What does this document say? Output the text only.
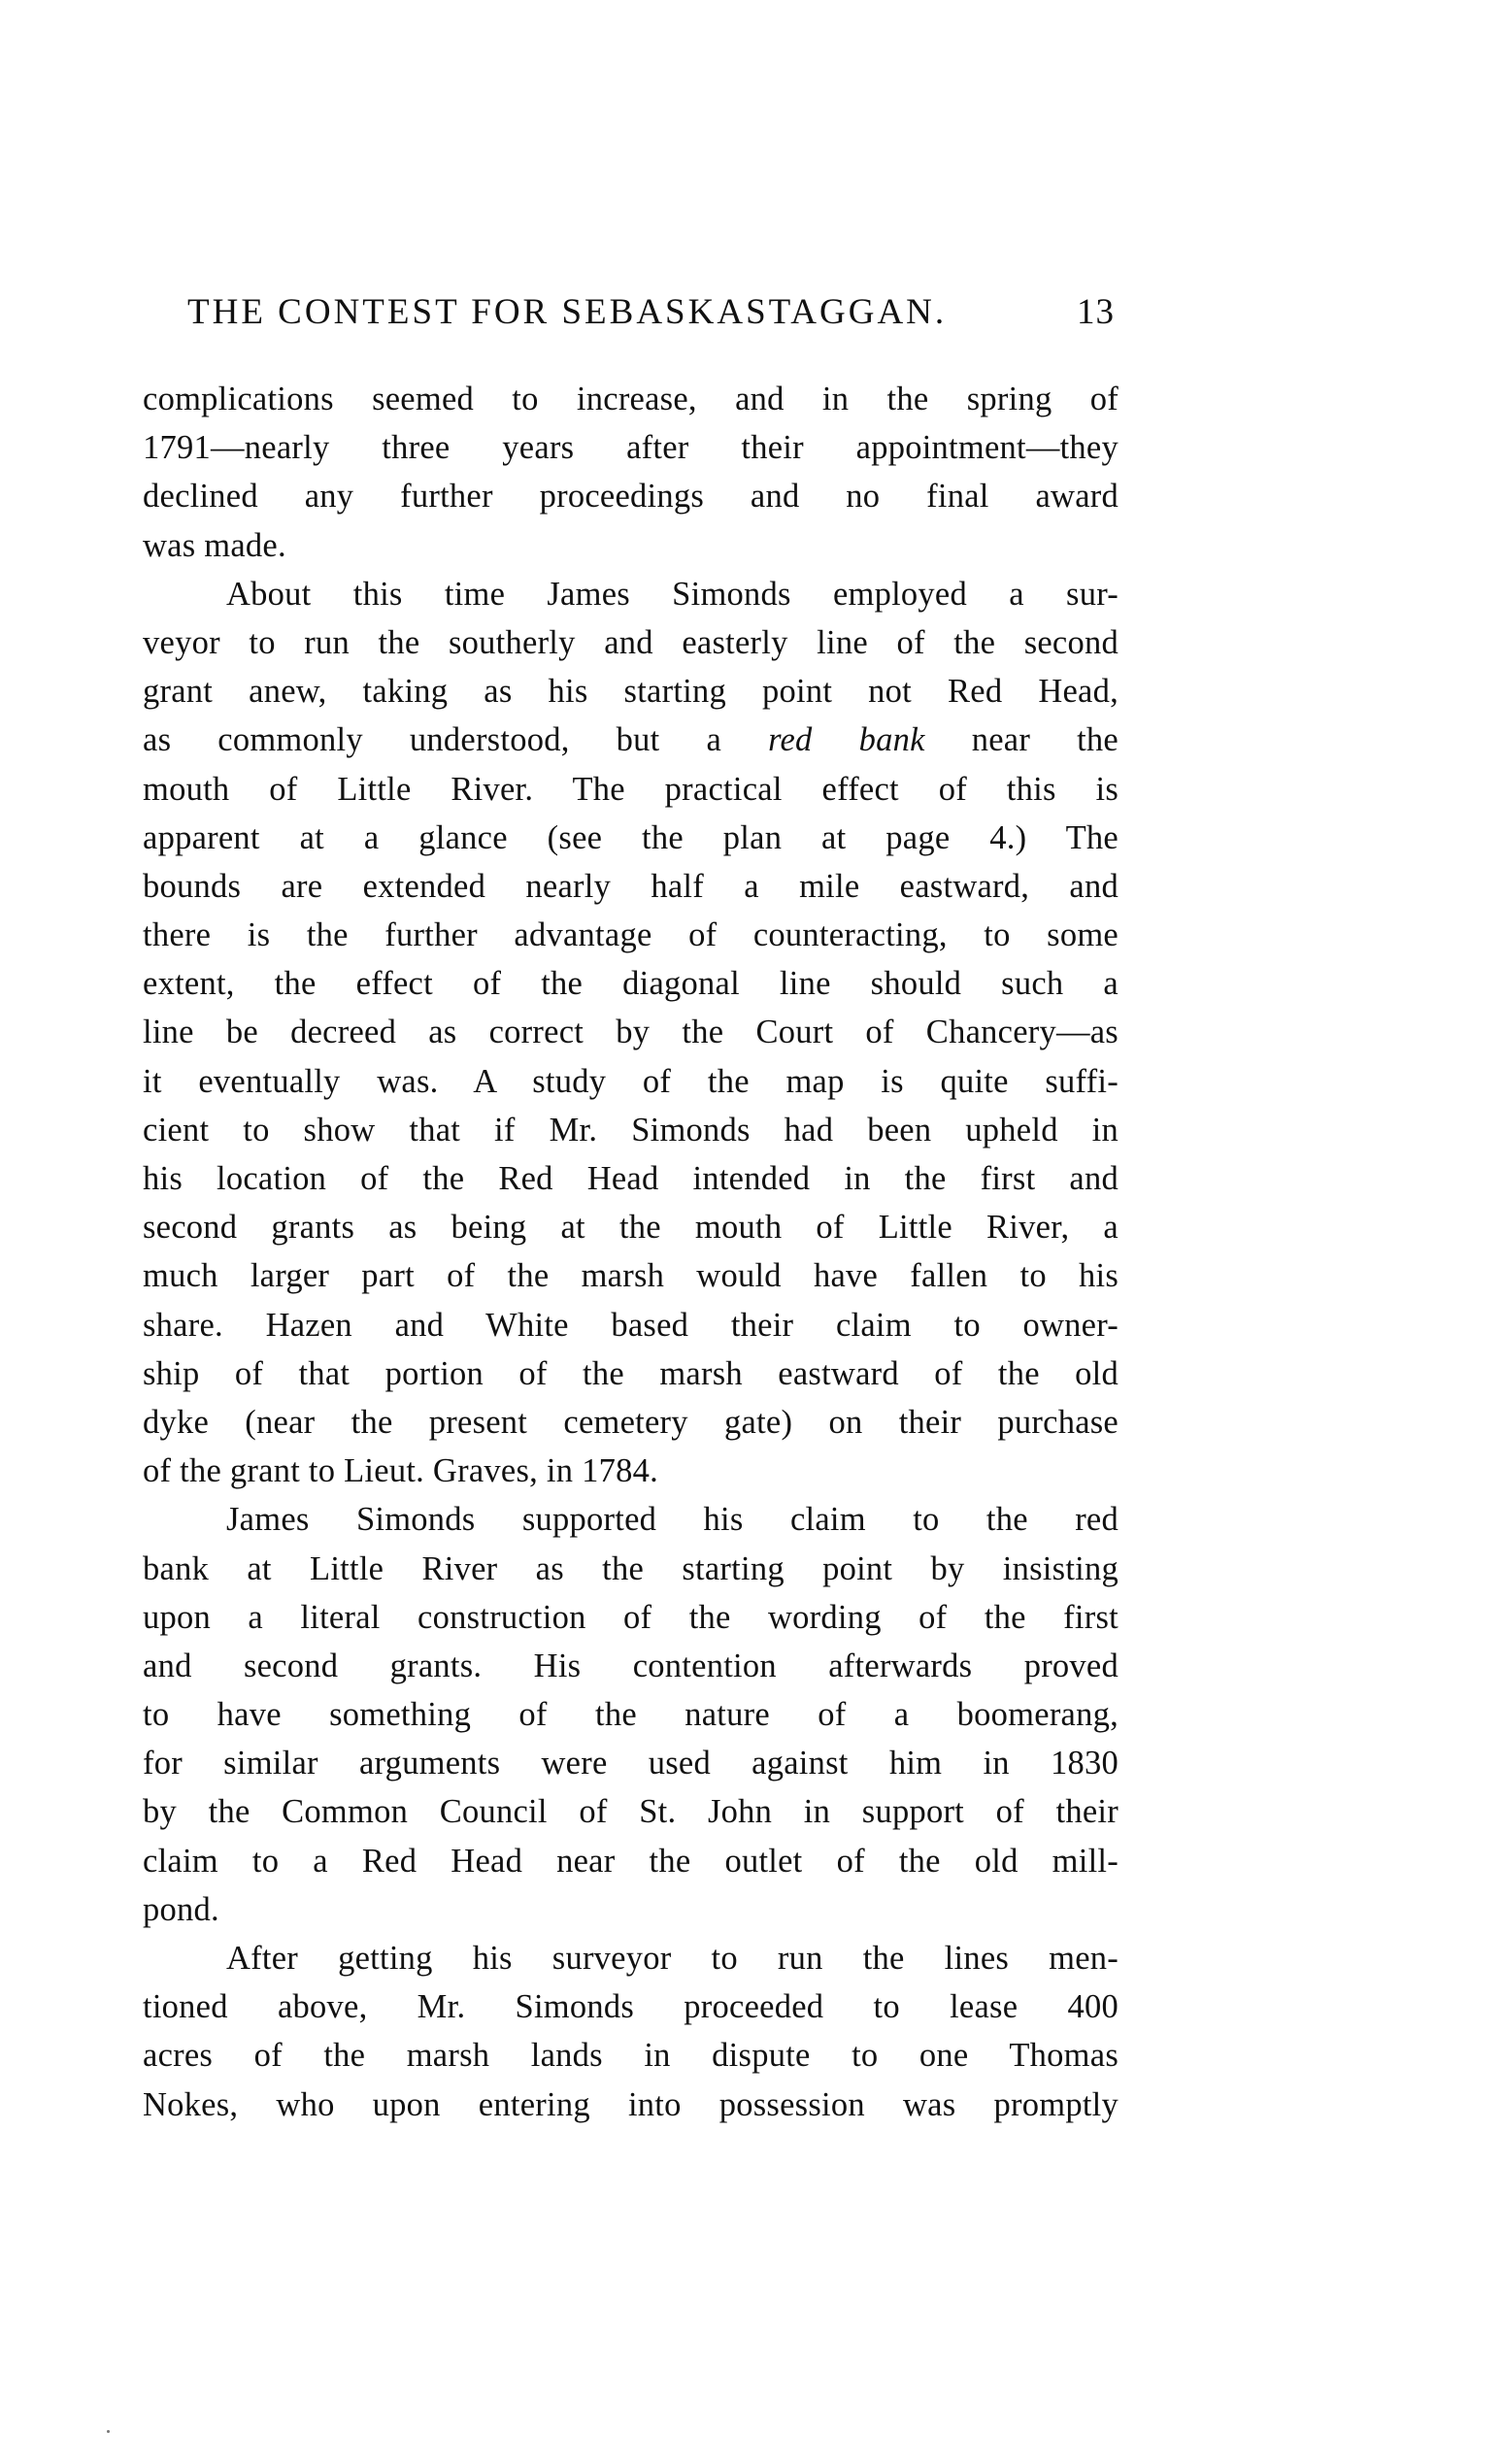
THE CONTEST FOR SEBASKASTAGGAN.	13
complications seemed to increase, and in the spring of
1791—nearly three years after their appointment—they
declined any further proceedings and no final award
was made.
About this time James Simonds employed a sur-
veyor to run the southerly and easterly line of the second
grant anew, taking as his starting point not Red Head,
as commonly understood, but a red bank near the
mouth of Little River. The practical effect of this is
apparent at a glance (see the plan at page 4.) The
bounds are extended nearly half a mile eastward, and
there is the further advantage of counteracting, to some
extent, the effect of the diagonal line should such a
line be decreed as correct by the Court of Chancery—as
it eventually was. A study of the map is quite suffi-
cient to show that if Mr. Simonds had been upheld in
his location of the Red Head intended in the first and
second grants as being at the mouth of Little River, a
much larger part of the marsh would have fallen to his
share. Hazen and White based their claim to owner-
ship of that portion of the marsh eastward of the old
dyke (near the present cemetery gate) on their purchase
of the grant to Lieut. Graves, in 1784.
James Simonds supported his claim to the red
bank at Little River as the starting point by insisting
upon a literal construction of the wording of the first
and second grants. His contention afterwards proved
to have something of the nature of a boomerang,
for similar arguments were used against him in 1830
by the Common Council of St. John in support of their
claim to a Red Head near the outlet of the old mill-
pond.
After getting his surveyor to run the lines men-
tioned above, Mr. Simonds proceeded to lease 400
acres of the marsh lands in dispute to one Thomas
Nokes, who upon entering into possession was promptly
